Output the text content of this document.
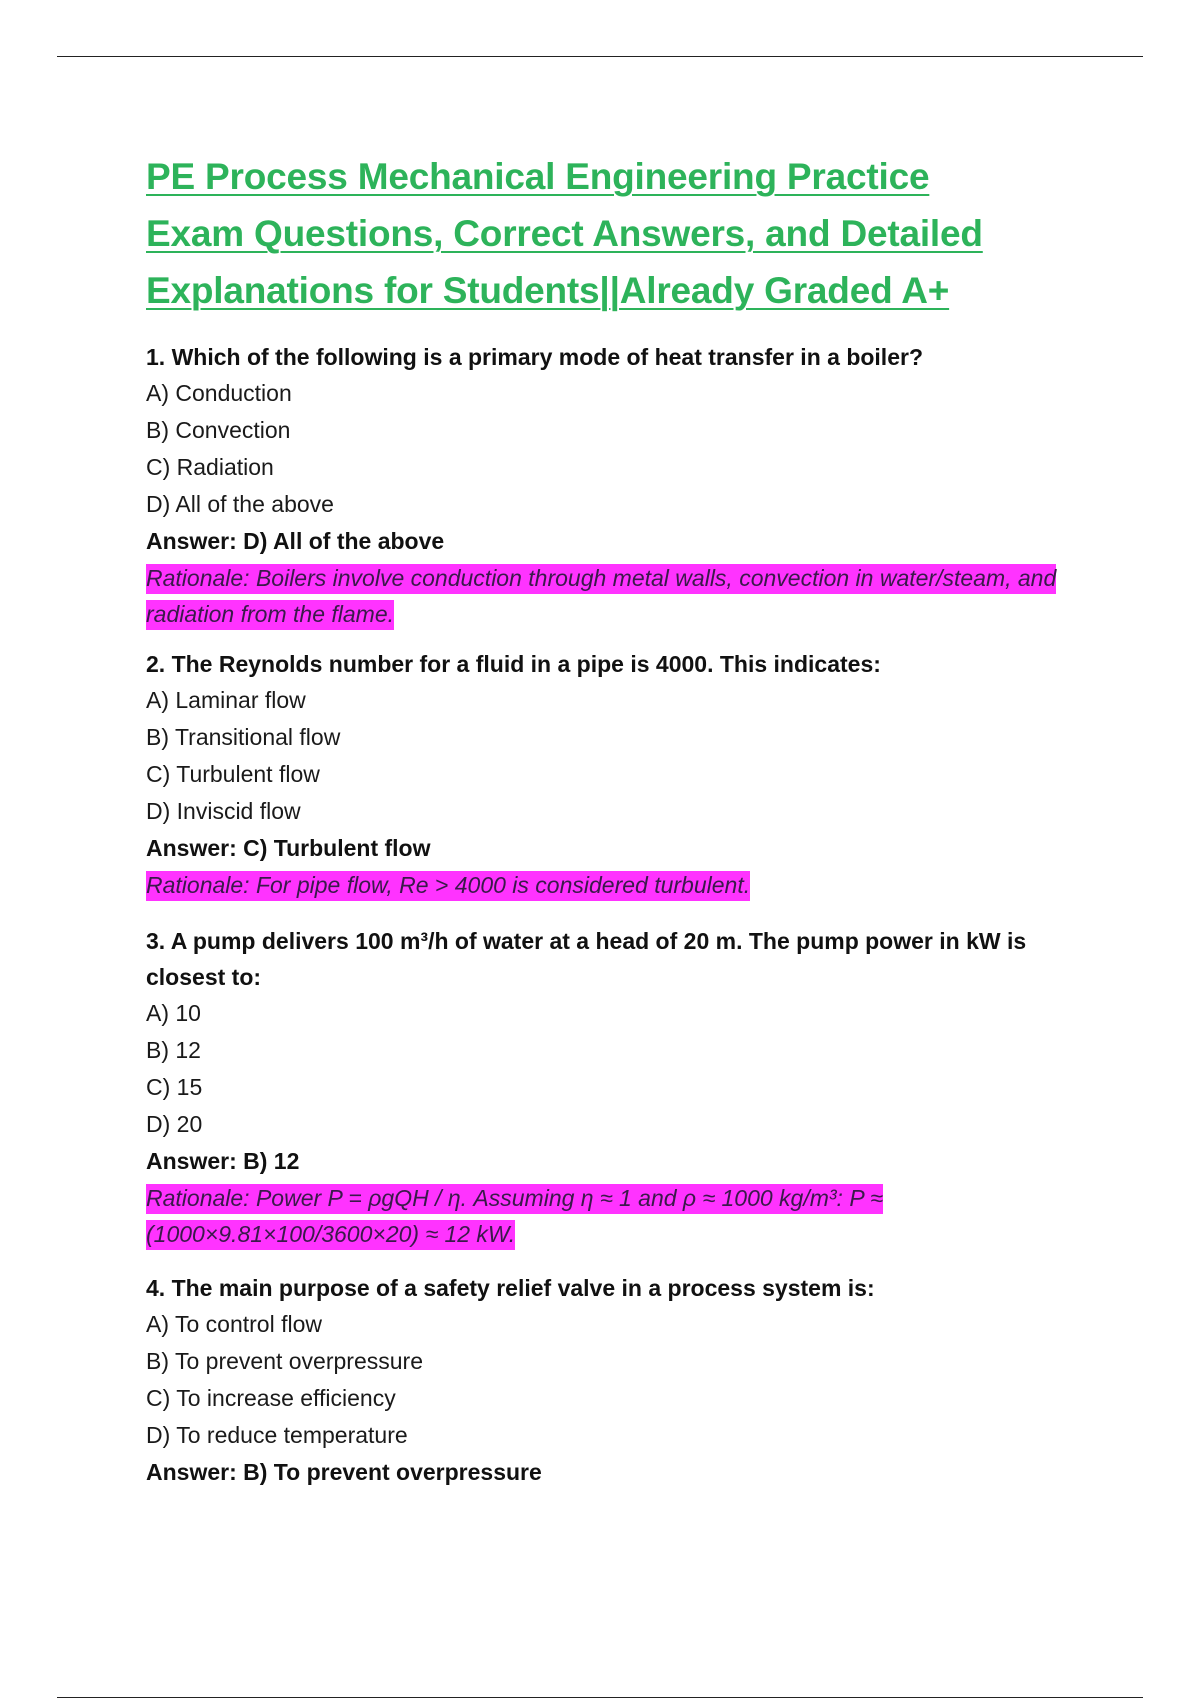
PE Process Mechanical Engineering Practice
Exam Questions, Correct Answers, and Detailed
Explanations for Students||Already Graded A+

1. Which of the following is a primary mode of heat transfer in a boiler?

A) Conduction

B) Convection

C) Radiation

D) All of the above

Answer: D) All of the above

Rationale: Boilers involve conduction through metal walls, convection in water/steam, and radiation from the flame.

2. The Reynolds number for a fluid in a pipe is 4000. This indicates:

A) Laminar flow

B) Transitional flow

C) Turbulent flow

D) Inviscid flow

Answer: C) Turbulent flow

Rationale: For pipe flow, Re > 4000 is considered turbulent.

3. A pump delivers 100 m³/h of water at a head of 20 m. The pump power in kW is closest to:

A) 10

B) 12

C) 15

D) 20

Answer: B) 12

Rationale: Power P = ρgQH / η. Assuming η ≈ 1 and ρ ≈ 1000 kg/m³: P ≈ (1000×9.81×100/3600×20) ≈ 12 kW.

4. The main purpose of a safety relief valve in a process system is:

A) To control flow

B) To prevent overpressure

C) To increase efficiency

D) To reduce temperature

Answer: B) To prevent overpressure
